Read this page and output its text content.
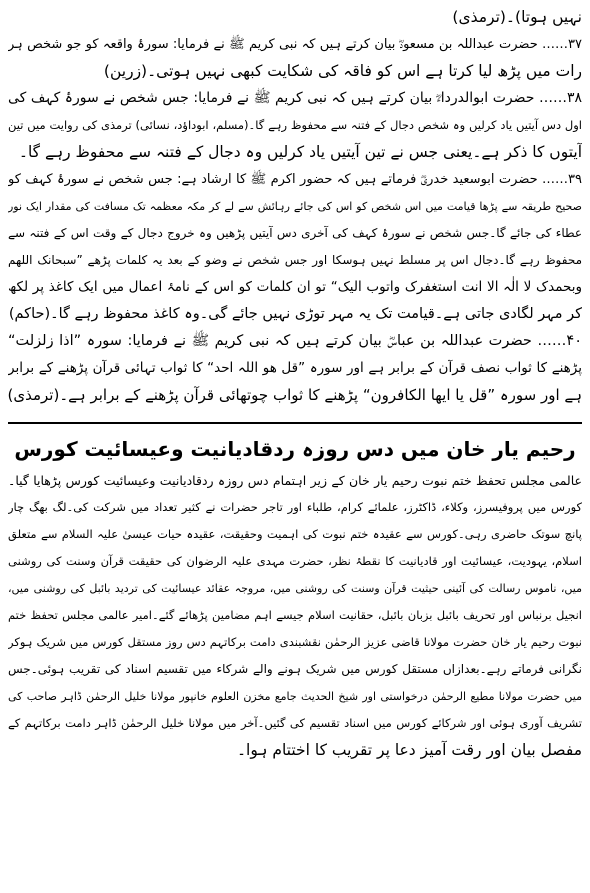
نہیں ہوتا)۔(ترمذی)

۳۷…… حضرت عبداللہ بن مسعودؓ بیان کرتے ہیں کہ نبی کریم ﷺ نے فرمایا: سورۂ واقعہ کو جو شخص ہر

رات میں پڑھ لیا کرتا ہے اس کو فاقہ کی شکایت کبھی نہیں ہوتی۔(زرین)

۳۸…… حضرت ابوالدرداءؓ بیان کرتے ہیں کہ نبی کریم ﷺ نے فرمایا: جس شخص نے سورۂ کہف کی

اول دس آیتیں یاد کرلیں وہ شخص دجال کے فتنہ سے محفوظ رہے گا۔(مسلم، ابوداؤد، نسائی) ترمذی کی روایت میں تین

آیتوں کا ذکر ہے۔یعنی جس نے تین آیتیں یاد کرلیں وہ دجال کے فتنہ سے محفوظ رہے گا۔

۳۹…… حضرت ابوسعید خدریؓ فرماتے ہیں کہ حضور اکرم ﷺ کا ارشاد ہے: جس شخص نے سورۂ کہف کو

صحیح طریقہ سے پڑھا قیامت میں اس شخص کو اس کی جائے رہائش سے لے کر مکہ معظمہ تک مسافت کی مقدار ایک نور

عطاء کی جائے گا۔جس شخص نے سورۂ کہف کی آخری دس آیتیں پڑھیں وہ خروج دجال کے وقت اس کے فتنہ سے

محفوظ رہے گا۔دجال اس پر مسلط نہیں ہوسکا اور جس شخص نے وضو کے بعد یہ کلمات پڑھے ”سبحانک اللھم

وبحمدک لا الٰہ الا انت استغفرک واتوب الیک“ تو ان کلمات کو اس کے نامۂ اعمال میں ایک کاغذ پر لکھ

کر مہر لگادی جاتی ہے۔قیامت تک یہ مہر توڑی نہیں جائے گی۔وہ کاغذ محفوظ رہے گا۔(حاکم)

۴۰…… حضرت عبداللہ بن عباسؓ بیان کرتے ہیں کہ نبی کریم ﷺ نے فرمایا: سورہ ”اذا زلزلت“

پڑھنے کا ثواب نصف قرآن کے برابر ہے اور سورہ ”قل ھو اللہ احد“ کا ثواب تہائی قرآن پڑھنے کے برابر

ہے اور سورہ ”قل یا ایھا الکافرون“ پڑھنے کا ثواب چوتھائی قرآن پڑھنے کے برابر ہے۔(ترمذی)

رحیم یار خان میں دس روزہ ردقادیانیت وعیسائیت کورس

عالمی مجلس تحفظ ختم نبوت رحیم یار خان کے زیر اہتمام دس روزہ ردقادیانیت وعیسائیت کورس پڑھایا گیا۔

کورس میں پروفیسرز، وکلاء، ڈاکٹرز، علمائے کرام، طلباء اور تاجر حضرات نے کثیر تعداد میں شرکت کی۔لگ بھگ چار

پانچ سوتک حاضری رہی۔کورس سے عقیدہ ختم نبوت کی اہمیت وحقیقت، عقیدہ حیات عیسیٰ علیہ السلام سے متعلق

اسلام، یہودیت، عیسائیت اور قادیانیت کا نقطۂ نظر، حضرت مہدی علیہ الرضوان کی حقیقت قرآن وسنت کی روشنی

میں، ناموس رسالت کی آئینی حیثیت قرآن وسنت کی روشنی میں، مروجہ عقائد عیسائیت کی تردید بائبل کی روشنی میں،

انجیل برنباس اور تحریف بائبل بزبان بائبل، حقانیت اسلام جیسے اہم مضامین پڑھائے گئے۔امیر عالمی مجلس تحفظ ختم

نبوت رحیم یار خان حضرت مولانا قاضی عزیز الرحمٰن نقشبندی دامت برکاتہم دس روز مستقل کورس میں شریک ہوکر

نگرانی فرماتے رہے۔بعدازاں مستقل کورس میں شریک ہونے والے شرکاء میں تقسیم اسناد کی تقریب ہوئی۔جس

میں حضرت مولانا مطیع الرحمٰن درخواستی اور شیخ الحدیث جامع مخزن العلوم خانپور مولانا خلیل الرحمٰن ڈاہر صاحب کی

تشریف آوری ہوئی اور شرکائے کورس میں اسناد تقسیم کی گئیں۔آخر میں مولانا خلیل الرحمٰن ڈاہر دامت برکاتہم کے

مفصل بیان اور رقت آمیز دعا پر تقریب کا اختتام ہوا۔
